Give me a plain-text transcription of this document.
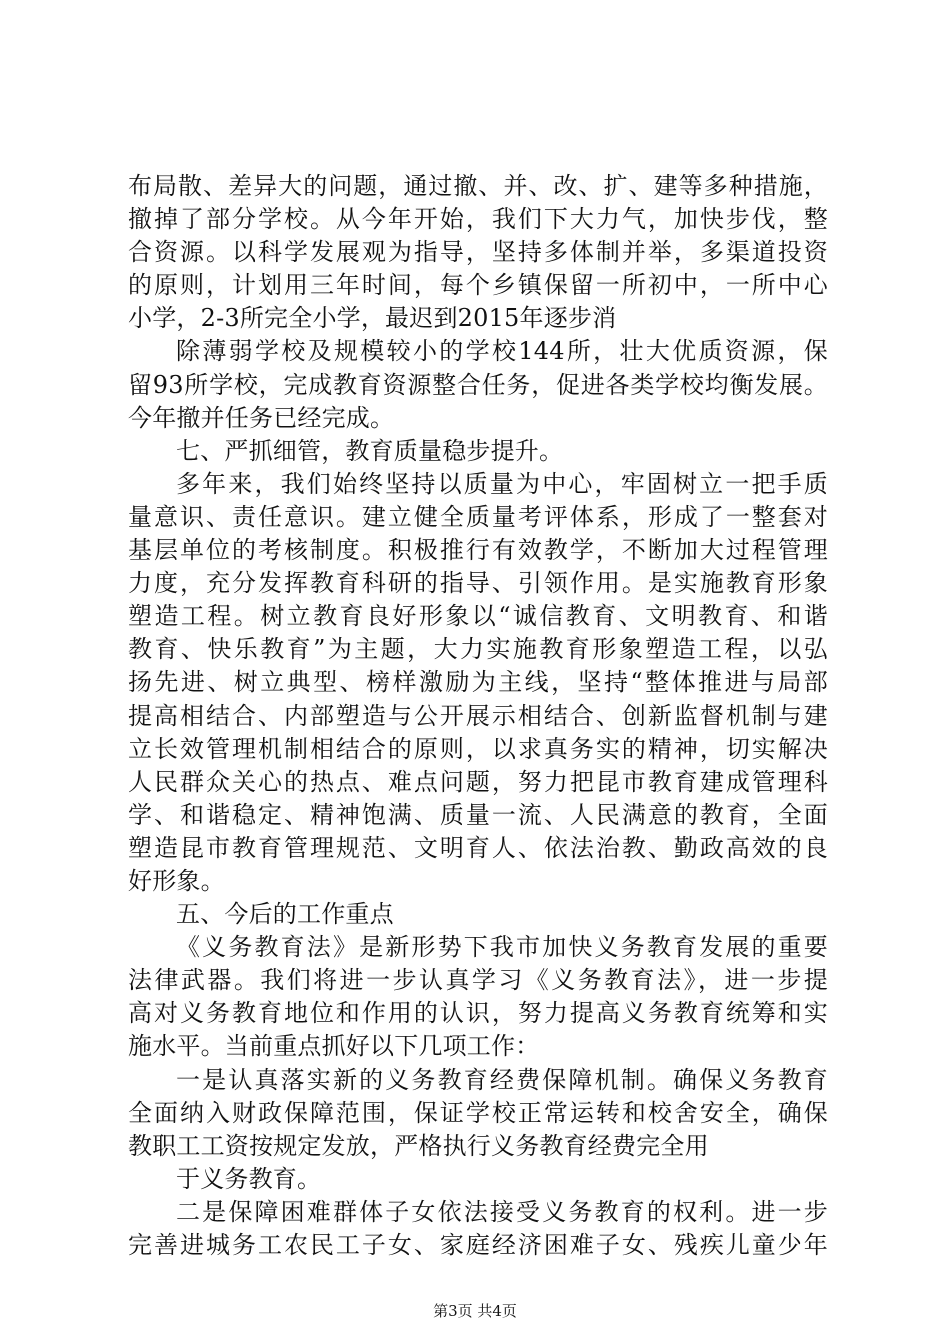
布局散、差异大的问题，通过撤、并、改、扩、建等多种措施，
撤掉了部分学校。从今年开始，我们下大力气，加快步伐，整
合资源。以科学发展观为指导，坚持多体制并举，多渠道投资
的原则，计划用三年时间，每个乡镇保留一所初中，一所中心
小学，2-3所完全小学，最迟到2015年逐步消
除薄弱学校及规模较小的学校144所，壮大优质资源，保
留93所学校，完成教育资源整合任务，促进各类学校均衡发展。
今年撤并任务已经完成。
七、严抓细管，教育质量稳步提升。
多年来，我们始终坚持以质量为中心，牢固树立一把手质
量意识、责任意识。建立健全质量考评体系，形成了一整套对
基层单位的考核制度。积极推行有效教学，不断加大过程管理
力度，充分发挥教育科研的指导、引领作用。是实施教育形象
塑造工程。树立教育良好形象以“诚信教育、文明教育、和谐
教育、快乐教育”为主题，大力实施教育形象塑造工程，以弘
扬先进、树立典型、榜样激励为主线，坚持“整体推进与局部
提高相结合、内部塑造与公开展示相结合、创新监督机制与建
立长效管理机制相结合的原则，以求真务实的精神，切实解决
人民群众关心的热点、难点问题，努力把昆市教育建成管理科
学、和谐稳定、精神饱满、质量一流、人民满意的教育，全面
塑造昆市教育管理规范、文明育人、依法治教、勤政高效的良
好形象。
五、今后的工作重点
《义务教育法》是新形势下我市加快义务教育发展的重要
法律武器。我们将进一步认真学习《义务教育法》，进一步提
高对义务教育地位和作用的认识，努力提高义务教育统筹和实
施水平。当前重点抓好以下几项工作：
一是认真落实新的义务教育经费保障机制。确保义务教育
全面纳入财政保障范围，保证学校正常运转和校舍安全，确保
教职工工资按规定发放，严格执行义务教育经费完全用
于义务教育。
二是保障困难群体子女依法接受义务教育的权利。进一步
完善进城务工农民工子女、家庭经济困难子女、残疾儿童少年
第3页 共4页
